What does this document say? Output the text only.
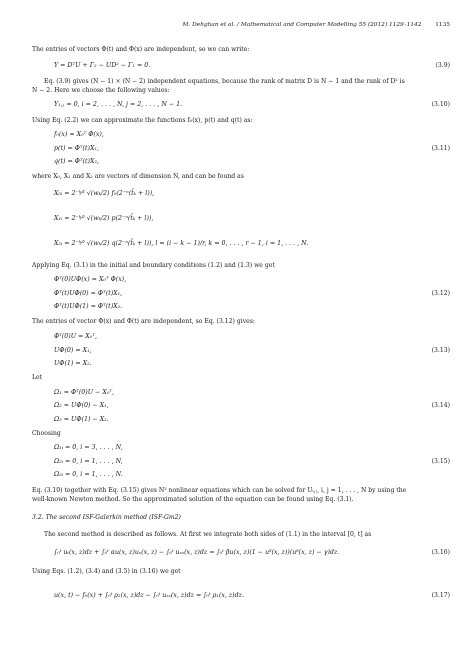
M. Dehghan et al. / Mathematical and Computer Modelling 55 (2012) 1129–1142 1135
The entries of vectors Φ(t) and Φ(x) are independent, so we can write:
Υ = DᵀU + Γ₂ − UD² − Γ₁ = 0.	(3.9)
Eq. (3.9) gives (N − 1) × (N − 2) independent equations, because the rank of matrix D is N − 1 and the rank of D² is
N − 2. Here we choose the following values:
Υ₁,ⱼ = 0, i = 2, . . . , N, j = 2, . . . , N − 1.	(3.10)
Using Eq. (2.2) we can approximate the functions f₀(x), p(t) and q(t) as:
f₀(x) = X₀ᵀ Φ(x),
p(t) = Φᵀ(t)X₁,	(3.11)
q(t) = Φᵀ(t)X₂,
where X₀, X₁ and X₂ are vectors of dimension N, and can be found as
X₀ᵢ = 2⁻ᵏ⁄² √(wₖ/2) f₀(2⁻ⁿ(t̂ₖ + l)),
X₁ᵢ = 2⁻ᵏ⁄² √(wₖ/2) p(2⁻ⁿ(t̂ₖ + l)),
X₂ᵢ = 2⁻ᵏ⁄² √(wₖ/2) q(2⁻ⁿ(t̂ₖ + l)), l = (i − k − 1)/r, k = 0, . . . , r − 1, i = 1, . . . , N.
Applying Eq. (3.1) in the initial and boundary conditions (1.2) and (1.3) we get
Φᵀ(0)UΦ(x) = X₀ᵀ Φ(x),
Φᵀ(t)UΦ(0) = Φᵀ(t)X₁,	(3.12)
Φᵀ(t)UΦ(1) = Φᵀ(t)X₂.
The entries of vector Φ(x) and Φ(t) are independent, so Eq. (3.12) gives:
Φᵀ(0)U = X₀ᵀ,
UΦ(0) = X₁,	(3.13)
UΦ(1) = X₂.
Let
Ω₁ = Φᵀ(0)U − X₀ᵀ,
Ω₂ = UΦ(0) − X₁,	(3.14)
Ω₃ = UΦ(1) − X₂.
Choosing
Ω₁ᵢ = 0, i = 3, . . . , N,
Ω₂ᵢ = 0, i = 1, . . . , N,	(3.15)
Ω₃ᵢ = 0, i = 1, . . . , N.
Eq. (3.10) together with Eq. (3.15) gives N² nonlinear equations which can be solved for Uᵢ,ⱼ, i, j = 1, . . . , N by using the
well-known Newton method. So the approximated solution of the equation can be found using Eq. (3.1).
3.2. The second ISF-Galerkin method (ISF-Gm2)
The second method is described as follows. At first we integrate both sides of (1.1) in the interval [0, t] as
∫₀ᵗ uₜ(x, z)dz + ∫₀ᵗ αu(x, z)uₓ(x, z) − ∫₀ᵗ uₓₓ(x, z)dz = ∫₀ᵗ βu(x, z)(1 − uᵟ(x, z))(uᵟ(x, z) − γ)dz.	(3.16)
Using Eqs. (1.2), (3.4) and (3.5) in (3.16) we get
u(x, t) − f₀(x) + ∫₀ᵗ ρ₂(x, z)dz − ∫₀ᵗ uₓₓ(x, z)dz = ∫₀ᵗ ρ₁(x, z)dz.	(3.17)
